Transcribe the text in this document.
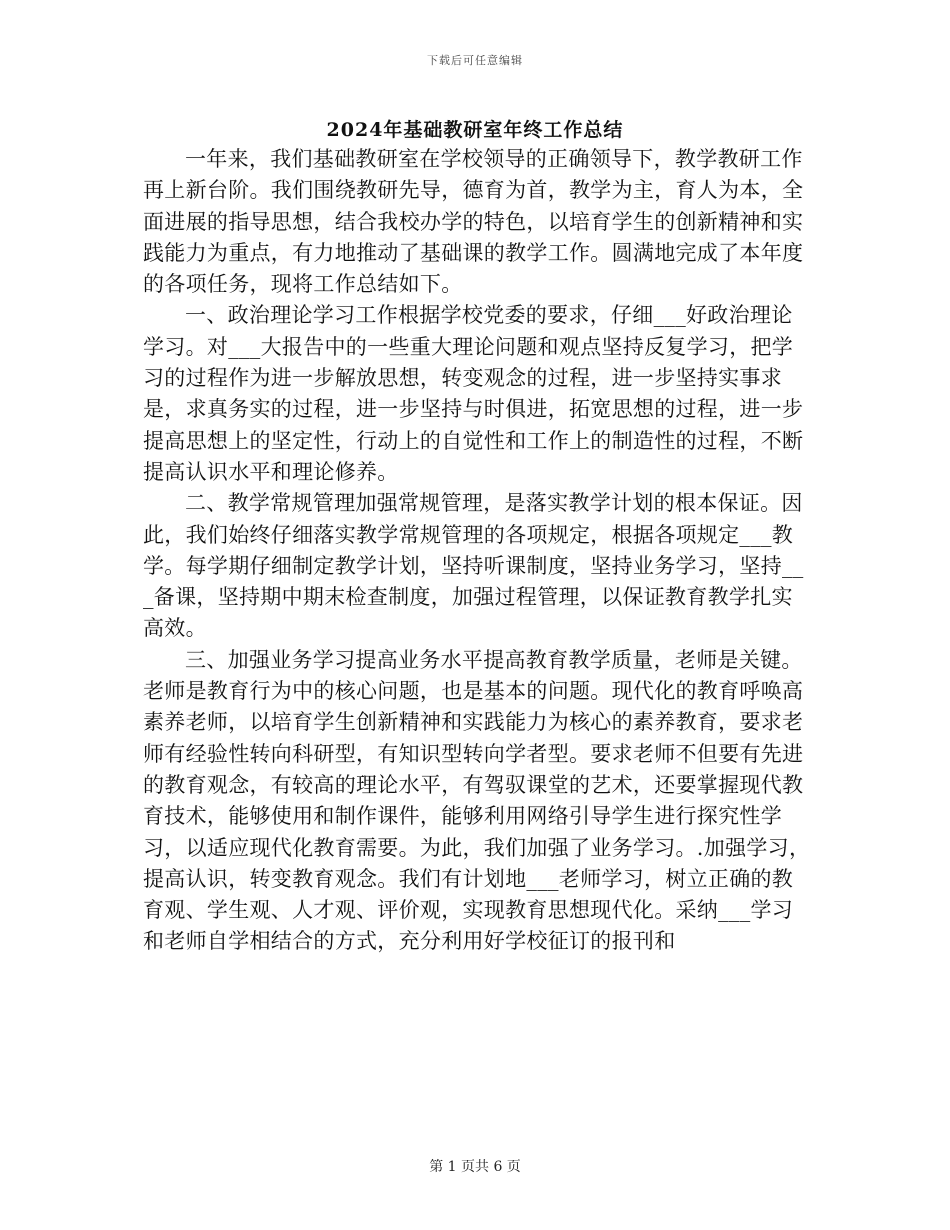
下载后可任意编辑
2024年基础教研室年终工作总结

一年来，我们基础教研室在学校领导的正确领导下，教学教研工作再上新台阶。我们围绕教研先导，德育为首，教学为主，育人为本，全面进展的指导思想，结合我校办学的特色，以培育学生的创新精神和实践能力为重点，有力地推动了基础课的教学工作。圆满地完成了本年度的各项任务，现将工作总结如下。

一、政治理论学习工作根据学校党委的要求，仔细___好政治理论学习。对___大报告中的一些重大理论问题和观点坚持反复学习，把学习的过程作为进一步解放思想，转变观念的过程，进一步坚持实事求是，求真务实的过程，进一步坚持与时俱进，拓宽思想的过程，进一步提高思想上的坚定性，行动上的自觉性和工作上的制造性的过程，不断提高认识水平和理论修养。

二、教学常规管理加强常规管理，是落实教学计划的根本保证。因此，我们始终仔细落实教学常规管理的各项规定，根据各项规定___教学。每学期仔细制定教学计划，坚持听课制度，坚持业务学习，坚持___备课，坚持期中期末检查制度，加强过程管理，以保证教育教学扎实高效。

三、加强业务学习提高业务水平提高教育教学质量，老师是关键。老师是教育行为中的核心问题，也是基本的问题。现代化的教育呼唤高素养老师，以培育学生创新精神和实践能力为核心的素养教育，要求老师有经验性转向科研型，有知识型转向学者型。要求老师不但要有先进的教育观念，有较高的理论水平，有驾驭课堂的艺术，还要掌握现代教育技术，能够使用和制作课件，能够利用网络引导学生进行探究性学习，以适应现代化教育需要。为此，我们加强了业务学习。.加强学习，提高认识，转变教育观念。我们有计划地___老师学习，树立正确的教育观、学生观、人才观、评价观，实现教育思想现代化。采纳___学习和老师自学相结合的方式，充分利用好学校征订的报刊和

第 1 页共 6 页
